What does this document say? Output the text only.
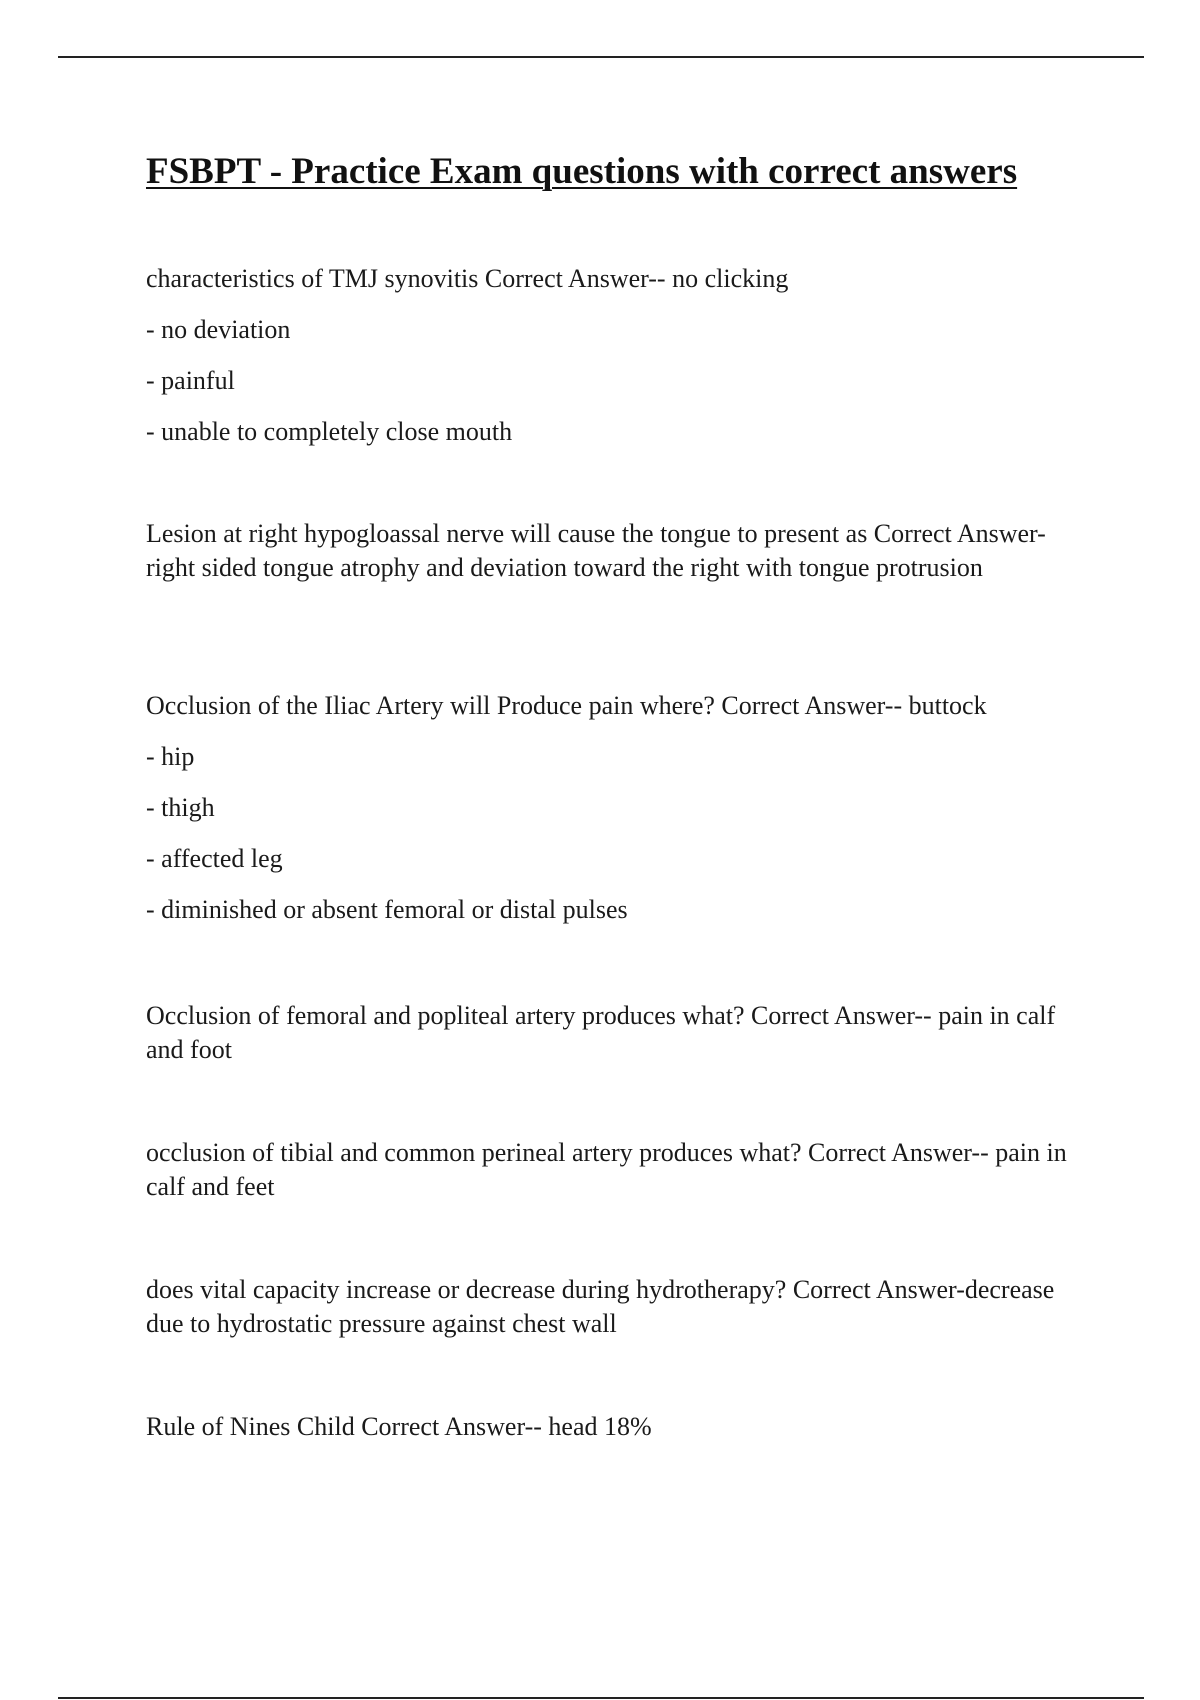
FSBPT - Practice Exam questions with correct answers

characteristics of TMJ synovitis Correct Answer-- no clicking

- no deviation

- painful

- unable to completely close mouth

Lesion at right hypogloassal nerve will cause the tongue to present as Correct Answer-right sided tongue atrophy and deviation toward the right with tongue protrusion

Occlusion of the Iliac Artery will Produce pain where? Correct Answer-- buttock

- hip

- thigh

- affected leg

- diminished or absent femoral or distal pulses

Occlusion of femoral and popliteal artery produces what? Correct Answer-- pain in calf and foot

occlusion of tibial and common perineal artery produces what? Correct Answer-- pain in calf and feet

does vital capacity increase or decrease during hydrotherapy? Correct Answer-decrease due to hydrostatic pressure against chest wall

Rule of Nines Child Correct Answer-- head 18%
